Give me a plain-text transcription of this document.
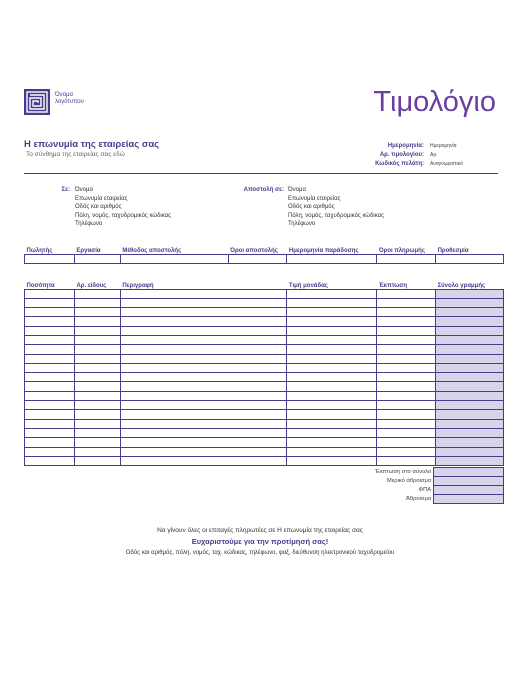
Όνομα λογότυπου	Τιμολόγιο
Η επωνυμία της εταιρείας σας
Το σύνθημα της εταιρείας σας εδώ
Ημερομηνία:	Ημερομηνία
Αρ. τιμολογίου:	Αρ.
Κωδικός πελάτη:	Αναγνωριστικό
Σε: Όνομα
Επωνυμία εταιρείας
Οδός και αριθμός
Πόλη, νομός, ταχυδρομικός κώδικας
Τηλέφωνο
Αποστολή σε: Όνομα
Επωνυμία εταιρείας
Οδός και αριθμός
Πόλη, νομός, ταχυδρομικός κώδικας
Τηλέφωνο
Πωλητής	Εργασία	Μέθοδος αποστολής	Όροι αποστολής	Ημερομηνία παράδοσης	Όροι πληρωμής	Προθεσμία

Ποσότητα	Αρ. είδους	Περιγραφή	Τιμή μονάδας	Έκπτωση	Σύνολο γραμμής

Έκπτωση στο σύνολο	
Μερικό άθροισμα	
ΦΠΑ	
Άθροισμα	
Να γίνουν όλες οι επιταγές πληρωτέες σε Η επωνυμία της εταιρείας σας
Ευχαριστούμε για την προτίμησή σας!
Οδός και αριθμός, πόλη, νομός, ταχ. κώδικας, τηλέφωνο, φαξ, διεύθυνση ηλεκτρονικού ταχυδρομείου
